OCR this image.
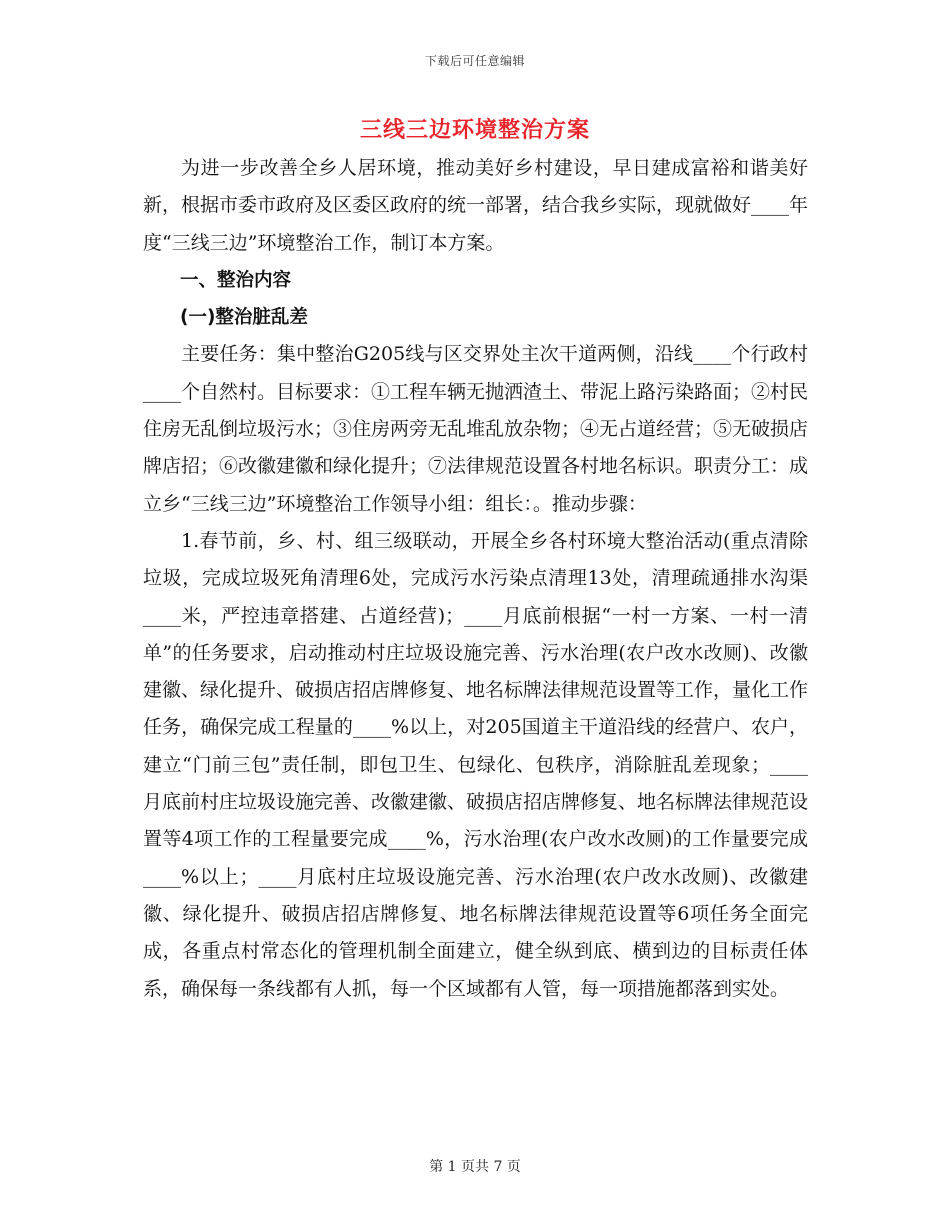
下载后可任意编辑
三线三边环境整治方案

为进一步改善全乡人居环境，推动美好乡村建设，早日建成富裕和谐美好新，根据市委市政府及区委区政府的统一部署，结合我乡实际，现就做好____年度“三线三边”环境整治工作，制订本方案。

一、整治内容

(一)整治脏乱差

主要任务：集中整治G205线与区交界处主次干道两侧，沿线____个行政村____个自然村。目标要求：①工程车辆无抛洒渣土、带泥上路污染路面；②村民住房无乱倒垃圾污水；③住房两旁无乱堆乱放杂物；④无占道经营；⑤无破损店牌店招；⑥改徽建徽和绿化提升；⑦法律规范设置各村地名标识。职责分工：成立乡“三线三边”环境整治工作领导小组：组长：。推动步骤：

1.春节前，乡、村、组三级联动，开展全乡各村环境大整治活动(重点清除垃圾，完成垃圾死角清理6处，完成污水污染点清理13处，清理疏通排水沟渠____米，严控违章搭建、占道经营)；____月底前根据“一村一方案、一村一清单”的任务要求，启动推动村庄垃圾设施完善、污水治理(农户改水改厕)、改徽建徽、绿化提升、破损店招店牌修复、地名标牌法律规范设置等工作，量化工作任务，确保完成工程量的____%以上，对205国道主干道沿线的经营户、农户，建立“门前三包”责任制，即包卫生、包绿化、包秩序，消除脏乱差现象；____月底前村庄垃圾设施完善、改徽建徽、破损店招店牌修复、地名标牌法律规范设置等4项工作的工程量要完成____%，污水治理(农户改水改厕)的工作量要完成____%以上；____月底村庄垃圾设施完善、污水治理(农户改水改厕)、改徽建徽、绿化提升、破损店招店牌修复、地名标牌法律规范设置等6项任务全面完成，各重点村常态化的管理机制全面建立，健全纵到底、横到边的目标责任体系，确保每一条线都有人抓，每一个区域都有人管，每一项措施都落到实处。

第 1 页共 7 页
